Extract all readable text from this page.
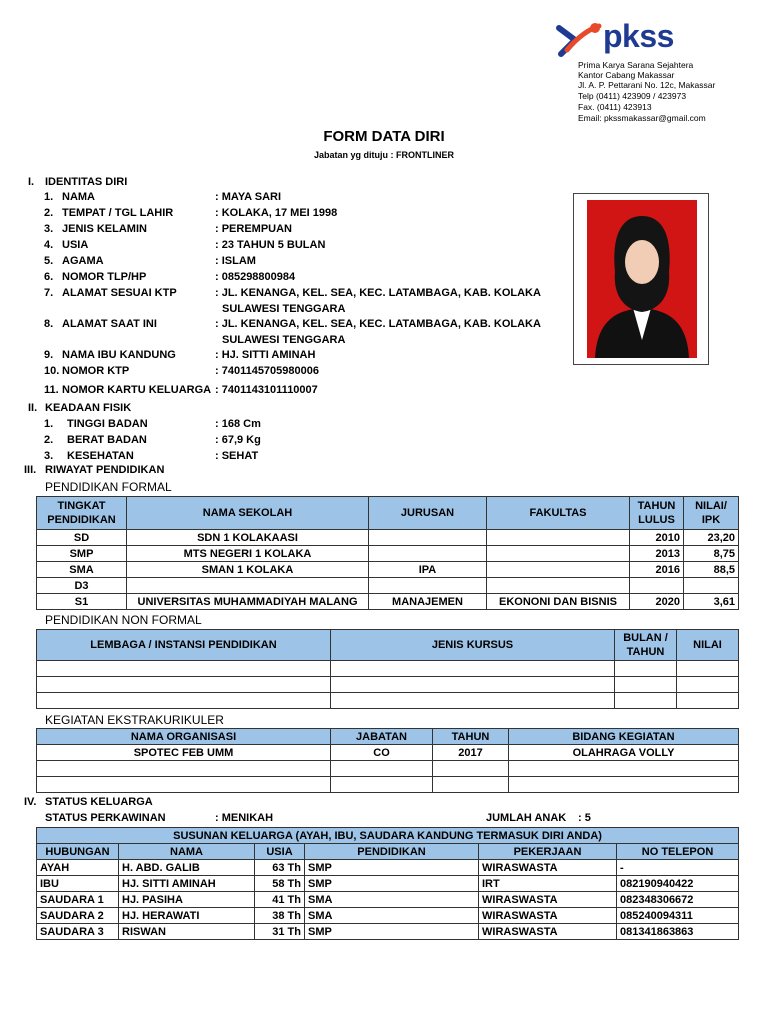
pkss
Prima Karya Sarana Sejahtera
Kantor Cabang Makassar
Jl. A. P. Pettarani No. 12c, Makassar
Telp (0411) 423909 / 423973
Fax. (0411) 423913
Email: pkssmakassar@gmail.com
FORM DATA DIRI
Jabatan yg dituju : FRONTLINER
I. IDENTITAS DIRI
1. NAMA	: MAYA SARI
2. TEMPAT / TGL LAHIR	: KOLAKA, 17 MEI 1998
3. JENIS KELAMIN	: PEREMPUAN
4. USIA	: 23 TAHUN 5 BULAN
5. AGAMA	: ISLAM
6. NOMOR TLP/HP	: 085298800984
7. ALAMAT SESUAI KTP	: JL. KENANGA, KEL. SEA, KEC. LATAMBAGA, KAB. KOLAKA
SULAWESI TENGGARA
8. ALAMAT SAAT INI	: JL. KENANGA, KEL. SEA, KEC. LATAMBAGA, KAB. KOLAKA
SULAWESI TENGGARA
9. NAMA IBU KANDUNG	: HJ. SITTI AMINAH
10. NOMOR KTP	: 7401145705980006
11. NOMOR KARTU KELUARGA : 7401143101110007
II. KEADAAN FISIK
1. TINGGI BADAN	: 168 Cm
2. BERAT BADAN	: 67,9 Kg
3. KESEHATAN	: SEHAT
III. RIWAYAT PENDIDIKAN
PENDIDIKAN FORMAL
TINGKAT PENDIDIKAN	NAMA SEKOLAH	JURUSAN	FAKULTAS	TAHUN LULUS	NILAI/ IPK
SD	SDN 1 KOLAKAASI			2010	23,20
SMP	MTS NEGERI 1 KOLAKA			2013	8,75
SMA	SMAN 1 KOLAKA	IPA		2016	88,5
D3					
S1	UNIVERSITAS MUHAMMADIYAH MALANG	MANAJEMEN	EKONONI DAN BISNIS	2020	3,61
PENDIDIKAN NON FORMAL
LEMBAGA / INSTANSI PENDIDIKAN	JENIS KURSUS	BULAN / TAHUN	NILAI

KEGIATAN EKSTRAKURIKULER
NAMA ORGANISASI	JABATAN	TAHUN	BIDANG KEGIATAN
SPOTEC FEB UMM	CO	2017	OLAHRAGA VOLLY

IV. STATUS KELUARGA
STATUS PERKAWINAN	: MENIKAH	JUMLAH ANAK : 5
SUSUNAN KELUARGA (AYAH, IBU, SAUDARA KANDUNG TERMASUK DIRI ANDA)					
HUBUNGAN	NAMA	USIA	PENDIDIKAN	PEKERJAAN	NO TELEPON
AYAH	H. ABD. GALIB	63 Th	SMP	WIRASWASTA	-
IBU	HJ. SITTI AMINAH	58 Th	SMP	IRT	082190940422
SAUDARA 1	HJ. PASIHA	41 Th	SMA	WIRASWASTA	082348306672
SAUDARA 2	HJ. HERAWATI	38 Th	SMA	WIRASWASTA	085240094311
SAUDARA 3	RISWAN	31 Th	SMP	WIRASWASTA	081341863863
